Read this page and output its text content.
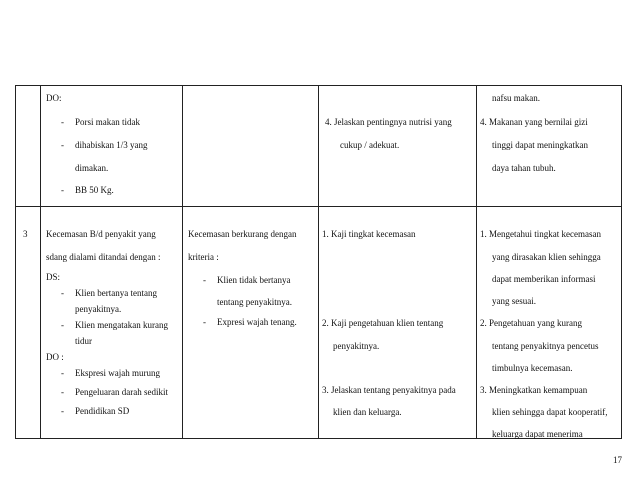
DO:
- Porsi makan tidak
- dihabiskan 1/3 yang
dimakan.
- BB 50 Kg.
4. Jelaskan pentingnya nutrisi yang
cukup / adekuat.
nafsu makan.
4. Makanan yang bernilai gizi
tinggi dapat meningkatkan
daya tahan tubuh.
3 Kecemasan B/d penyakit yang
sdang dialami ditandai dengan :
DS:
- Klien bertanya tentang
penyakitnya.
- Klien mengatakan kurang
tidur
DO :
- Ekspresi wajah murung
- Pengeluaran darah sedikit
- Pendidikan SD
Kecemasan berkurang dengan
kriteria :
- Klien tidak bertanya
tentang penyakitnya.
- Expresi wajah tenang.
1. Kaji tingkat kecemasan
2. Kaji pengetahuan klien tentang
penyakitnya.
3. Jelaskan tentang penyakitnya pada
klien dan keluarga.
1. Mengetahui tingkat kecemasan
yang dirasakan klien sehingga
dapat memberikan informasi
yang sesuai.
2. Pengetahuan yang kurang
tentang penyakitnya pencetus
timbulnya kecemasan.
3. Meningkatkan kemampuan
klien sehingga dapat kooperatif,
keluarga dapat menerima
17
